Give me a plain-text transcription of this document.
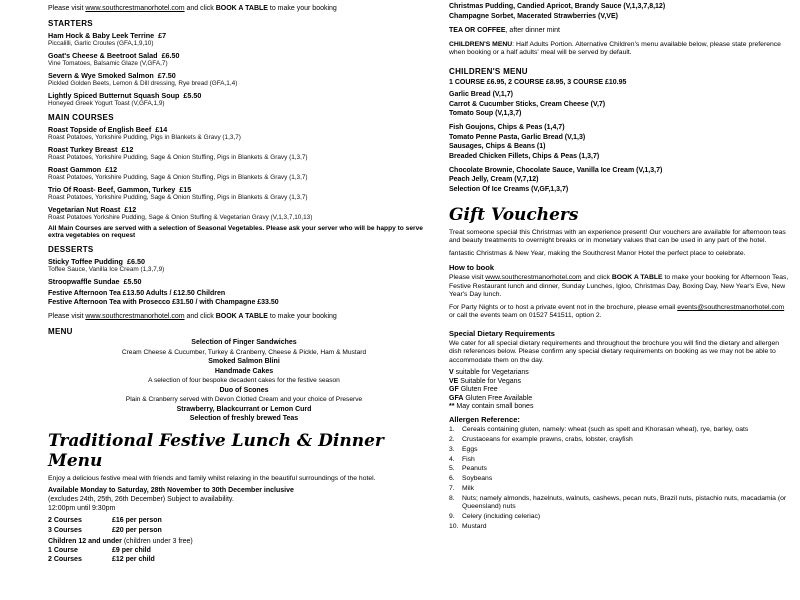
Please visit www.southcrestmanorhotel.com and click BOOK A TABLE to make your booking

STARTERS
Ham Hock & Baby Leek Terrine £7
Piccalilli, Garlic Croutes (GFA,1,9,10)
Goat's Cheese & Beetroot Salad £6.50
Vine Tomatoes, Balsamic Glaze (V,GFA,7)
Severn & Wye Smoked Salmon £7.50
Pickled Golden Beets, Lemon & Dill dressing, Rye bread (GFA,1,4)
Lightly Spiced Butternut Squash Soup £5.50
Honeyed Greek Yogurt Toast (V,GFA,1,9)
MAIN COURSES
Roast Topside of English Beef £14
Roast Potatoes, Yorkshire Pudding, Pigs in Blankets & Gravy (1,3,7)
Roast Turkey Breast £12
Roast Potatoes, Yorkshire Pudding, Sage & Onion Stuffing, Pigs in Blankets & Gravy (1,3,7)
Roast Gammon £12
Roast Potatoes, Yorkshire Pudding, Sage & Onion Stuffing, Pigs in Blankets & Gravy (1,3,7)
Trio Of Roast- Beef, Gammon, Turkey £15
Roast Potatoes, Yorkshire Pudding, Sage & Onion Stuffing, Pigs in Blankets & Gravy (1,3,7)
Vegetarian Nut Roast £12
Roast Potatoes Yorkshire Pudding, Sage & Onion Stuffing & Vegetarian Gravy (V,1,3,7,10,13)

All Main Courses are served with a selection of Seasonal Vegetables. Please ask your server who will be happy to serve extra vegetables on request

DESSERTS
Sticky Toffee Pudding £6.50
Toffee Sauce, Vanilla Ice Cream (1,3,7,9)
Stroopwaffle Sundae £5.50
Festive Afternoon Tea £13.50 Adults / £12.50 Children
Festive Afternoon Tea with Prosecco £31.50 / with Champagne £33.50

Please visit www.southcrestmanorhotel.com and click BOOK A TABLE to make your booking

MENU
Selection of Finger Sandwiches
Cream Cheese & Cucumber, Turkey & Cranberry, Cheese & Pickle, Ham & Mustard
Smoked Salmon Blini
Handmade Cakes
A selection of four bespoke decadent cakes for the festive season
Duo of Scones
Plain & Cranberry served with Devon Clotted Cream and your choice of Preserve
Strawberry, Blackcurrant or Lemon Curd
Selection of freshly brewed Teas
Traditional Festive Lunch & Dinner Menu

Enjoy a delicious festive meal with friends and family whilst relaxing in the beautiful surroundings of the hotel.

Available Monday to Saturday, 28th November to 30th December inclusive

(excludes 24th, 25th, 26th December) Subject to availability.

12:00pm until 9:30pm

2 Courses	£16 per person
3 Courses	£20 per person

Children 12 and under (children under 3 free)

1 Course	£9 per child
2 Courses	£12 per child
Christmas Pudding, Candied Apricot, Brandy Sauce (V,1,3,7,8,12)
Champagne Sorbet, Macerated Strawberries (V,VE)

TEA OR COFFEE, after dinner mint

CHILDREN'S MENU: Half Adults Portion. Alternative Children's menu available below, please state preference when booking or a half adults' meal will be served by default.

CHILDREN'S MENU

1 COURSE £6.95, 2 COURSE £8.95, 3 COURSE £10.95

Garlic Bread (V,1,7)
Carrot & Cucumber Sticks, Cream Cheese (V,7)
Tomato Soup (V,1,3,7)
Fish Goujons, Chips & Peas (1,4,7)
Tomato Penne Pasta, Garlic Bread (V,1,3)
Sausages, Chips & Beans (1)
Breaded Chicken Fillets, Chips & Peas (1,3,7)
Chocolate Brownie, Chocolate Sauce, Vanilla Ice Cream (V,1,3,7)
Peach Jelly, Cream (V,7,12)
Selection Of Ice Creams (V,GF,1,3,7)
Gift Vouchers

Treat someone special this Christmas with an experience present! Our vouchers are available for afternoon teas and beauty treatments to overnight breaks or in monetary values that can be used in any part of the hotel.

fantastic Christmas & New Year, making the Southcrest Manor Hotel the perfect place to celebrate.

How to book

Please visit www.southcrestmanorhotel.com and click BOOK A TABLE to make your booking for Afternoon Teas, Festive Restaurant lunch and dinner, Sunday Lunches, Igloo, Christmas Day, Boxing Day, New Year's Eve, New Year's Day lunch.

For Party Nights or to host a private event not in the brochure, please email events@southcrestmanorhotel.com or call the events team on 01527 541511, option 2.

Special Dietary Requirements

We cater for all special dietary requirements and throughout the brochure you will find the dietary and allergen dish references below. Please confirm any special dietary requirements on booking as we may not be able to accommodate them on the day.

V suitable for Vegetarians
VE Suitable for Vegans
GF Gluten Free
GFA Gluten Free Available
** May contain small bones
Allergen Reference:
1.	Cereals containing gluten, namely: wheat (such as spelt and Khorasan wheat), rye, barley, oats
2.	Crustaceans for example prawns, crabs, lobster, crayfish
3.	Eggs
4.	Fish
5.	Peanuts
6.	Soybeans
7.	Milk
8.	Nuts; namely almonds, hazelnuts, walnuts, cashews, pecan nuts, Brazil nuts, pistachio nuts, macadamia (or Queensland) nuts
9.	Celery (including celeriac)
10. Mustard
